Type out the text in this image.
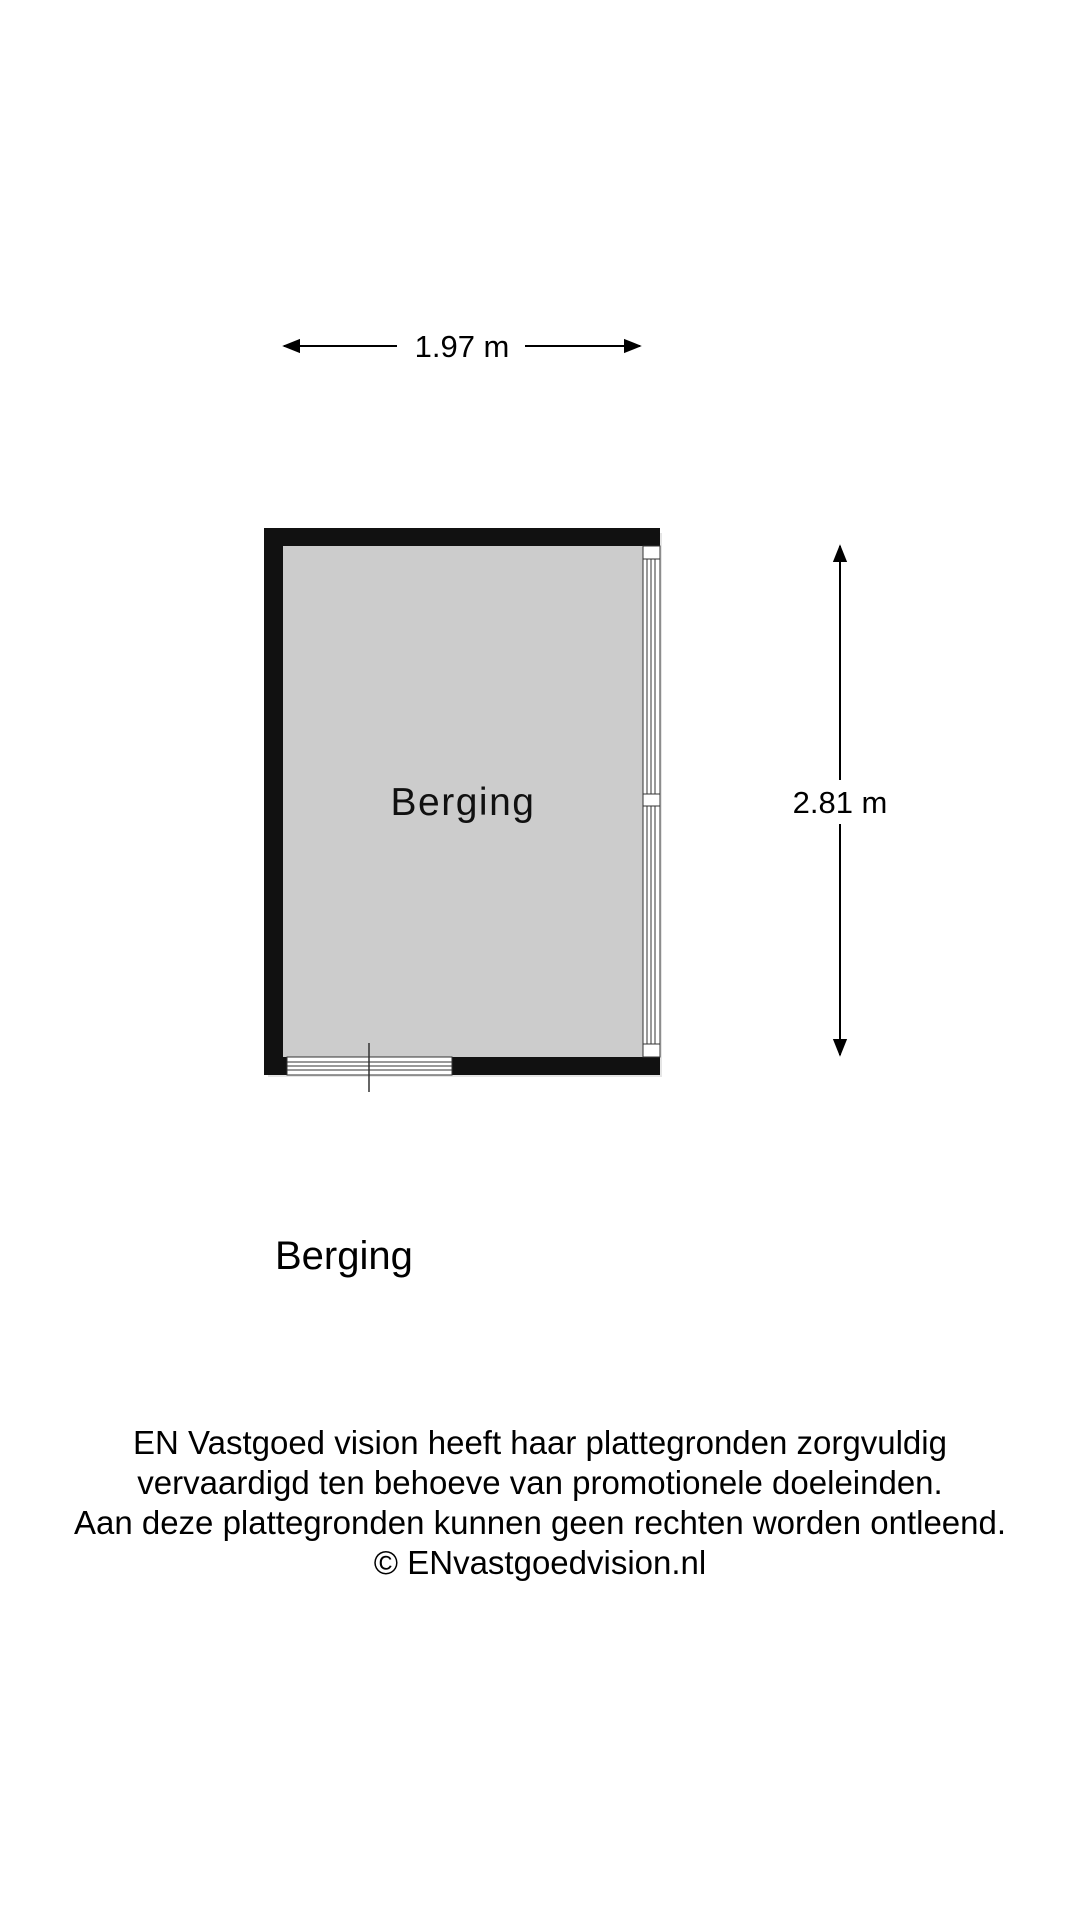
1.97 m
2.81 m
Berging
Berging
EN Vastgoed vision heeft haar plattegronden zorgvuldig
vervaardigd ten behoeve van promotionele doeleinden.
Aan deze plattegronden kunnen geen rechten worden ontleend.
© ENvastgoedvision.nl
